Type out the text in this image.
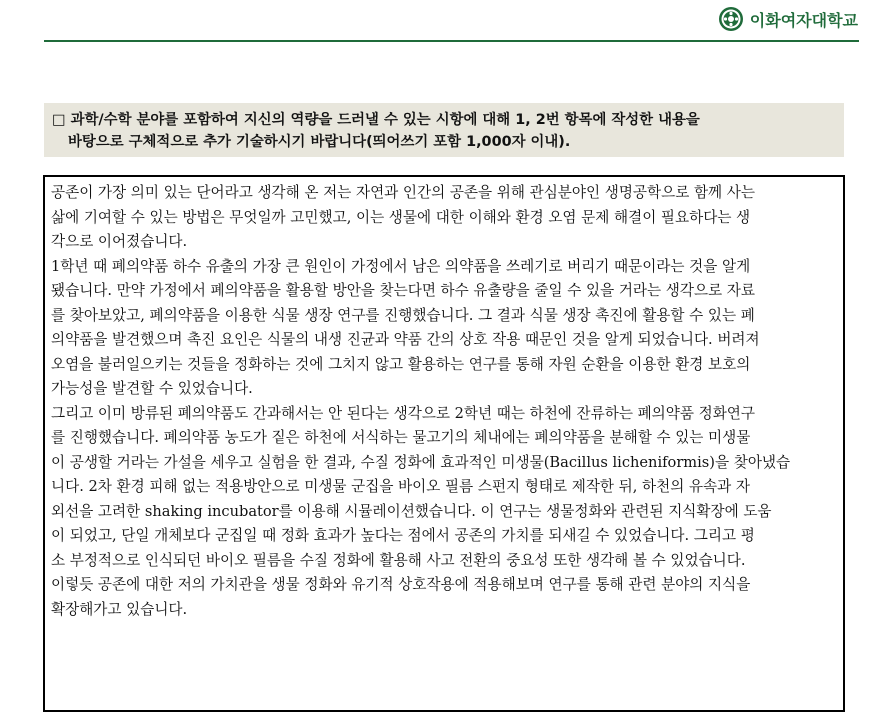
이화여자대학교
□ 과학/수학 분야를 포함하여 지신의 역량을 드러낼 수 있는 시항에 대해 1, 2번 항목에 작성한 내용을
바탕으로 구체적으로 추가 기술하시기 바랍니다(띄어쓰기 포함 1,000자 이내).
공존이 가장 의미 있는 단어라고 생각해 온 저는 자연과 인간의 공존을 위해 관심분야인 생명공학으로 함께 사는
삶에 기여할 수 있는 방법은 무엇일까 고민했고, 이는 생물에 대한 이해와 환경 오염 문제 해결이 필요하다는 생
각으로 이어졌습니다.
1학년 때 폐의약품 하수 유출의 가장 큰 원인이 가정에서 남은 의약품을 쓰레기로 버리기 때문이라는 것을 알게
됐습니다. 만약 가정에서 폐의약품을 활용할 방안을 찾는다면 하수 유출량을 줄일 수 있을 거라는 생각으로 자료
를 찾아보았고, 폐의약품을 이용한 식물 생장 연구를 진행했습니다. 그 결과 식물 생장 촉진에 활용할 수 있는 폐
의약품을 발견했으며 촉진 요인은 식물의 내생 진균과 약품 간의 상호 작용 때문인 것을 알게 되었습니다. 버려져
오염을 불러일으키는 것들을 정화하는 것에 그치지 않고 활용하는 연구를 통해 자원 순환을 이용한 환경 보호의
가능성을 발견할 수 있었습니다.
그리고 이미 방류된 폐의약품도 간과해서는 안 된다는 생각으로 2학년 때는 하천에 잔류하는 폐의약품 정화연구
를 진행했습니다. 폐의약품 농도가 짙은 하천에 서식하는 물고기의 체내에는 폐의약품을 분해할 수 있는 미생물
이 공생할 거라는 가설을 세우고 실험을 한 결과, 수질 정화에 효과적인 미생물(Bacillus licheniformis)을 찾아냈습
니다. 2차 환경 피해 없는 적용방안으로 미생물 군집을 바이오 필름 스펀지 형태로 제작한 뒤, 하천의 유속과 자
외선을 고려한 shaking incubator를 이용해 시뮬레이션했습니다. 이 연구는 생물정화와 관련된 지식확장에 도움
이 되었고, 단일 개체보다 군집일 때 정화 효과가 높다는 점에서 공존의 가치를 되새길 수 있었습니다. 그리고 평
소 부정적으로 인식되던 바이오 필름을 수질 정화에 활용해 사고 전환의 중요성 또한 생각해 볼 수 있었습니다.
이렇듯 공존에 대한 저의 가치관을 생물 정화와 유기적 상호작용에 적용해보며 연구를 통해 관련 분야의 지식을
확장해가고 있습니다.
